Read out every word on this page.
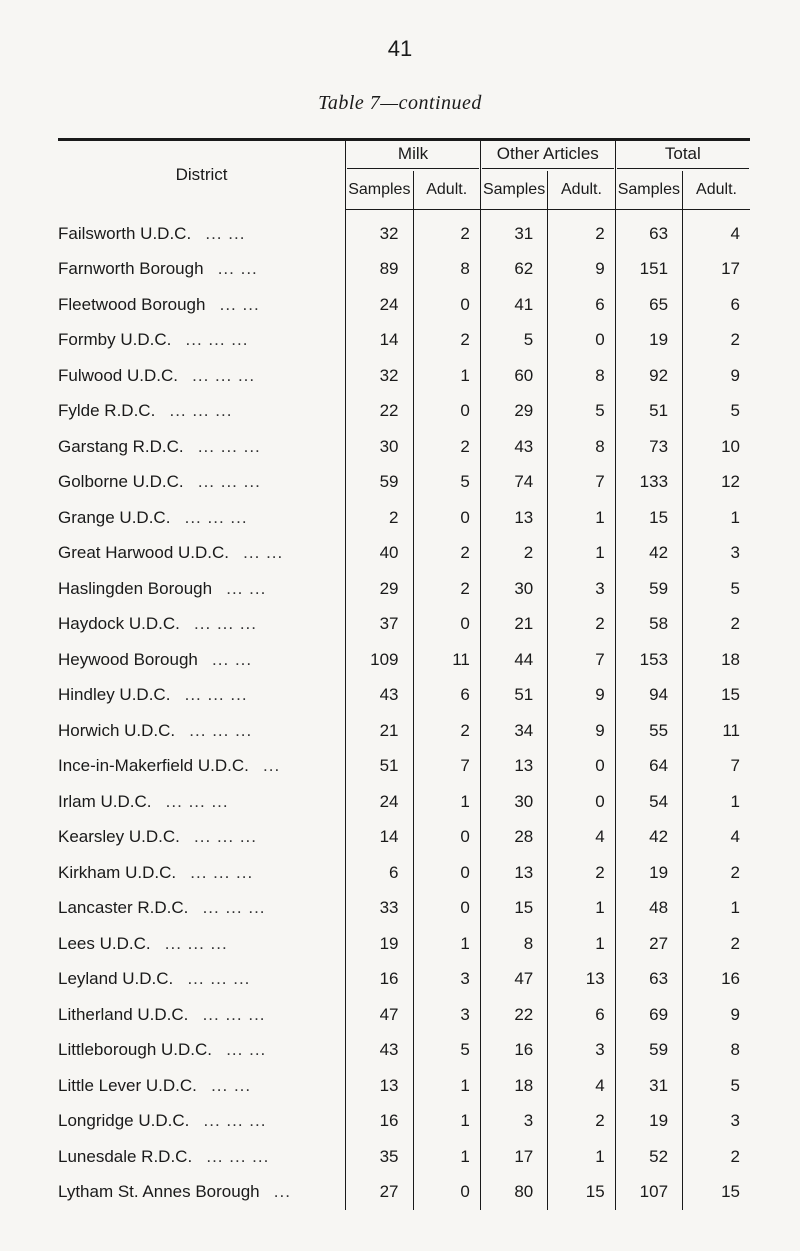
41
Table 7—continued
District	Milk		Other Articles		Total	

	Samples	Adult.	Samples	Adult.	Samples	Adult.
Failsworth U.D.C. ... ...	32	2	31	2	63	4
Farnworth Borough ... ...	89	8	62	9	151	17
Fleetwood Borough ... ...	24	0	41	6	65	6
Formby U.D.C. ... ... ...	14	2	5	0	19	2
Fulwood U.D.C. ... ... ...	32	1	60	8	92	9
Fylde R.D.C. ... ... ...	22	0	29	5	51	5
Garstang R.D.C. ... ... ...	30	2	43	8	73	10
Golborne U.D.C. ... ... ...	59	5	74	7	133	12
Grange U.D.C. ... ... ...	2	0	13	1	15	1
Great Harwood U.D.C. ... ...	40	2	2	1	42	3
Haslingden Borough ... ...	29	2	30	3	59	5
Haydock U.D.C. ... ... ...	37	0	21	2	58	2
Heywood Borough ... ...	109	11	44	7	153	18
Hindley U.D.C. ... ... ...	43	6	51	9	94	15
Horwich U.D.C. ... ... ...	21	2	34	9	55	11
Ince-in-Makerfield U.D.C. ...	51	7	13	0	64	7
Irlam U.D.C. ... ... ...	24	1	30	0	54	1
Kearsley U.D.C. ... ... ...	14	0	28	4	42	4
Kirkham U.D.C. ... ... ...	6	0	13	2	19	2
Lancaster R.D.C. ... ... ...	33	0	15	1	48	1
Lees U.D.C. ... ... ...	19	1	8	1	27	2
Leyland U.D.C. ... ... ...	16	3	47	13	63	16
Litherland U.D.C. ... ... ...	47	3	22	6	69	9
Littleborough U.D.C. ... ...	43	5	16	3	59	8
Little Lever U.D.C. ... ...	13	1	18	4	31	5
Longridge U.D.C. ... ... ...	16	1	3	2	19	3
Lunesdale R.D.C. ... ... ...	35	1	17	1	52	2
Lytham St. Annes Borough ...	27	0	80	15	107	15
